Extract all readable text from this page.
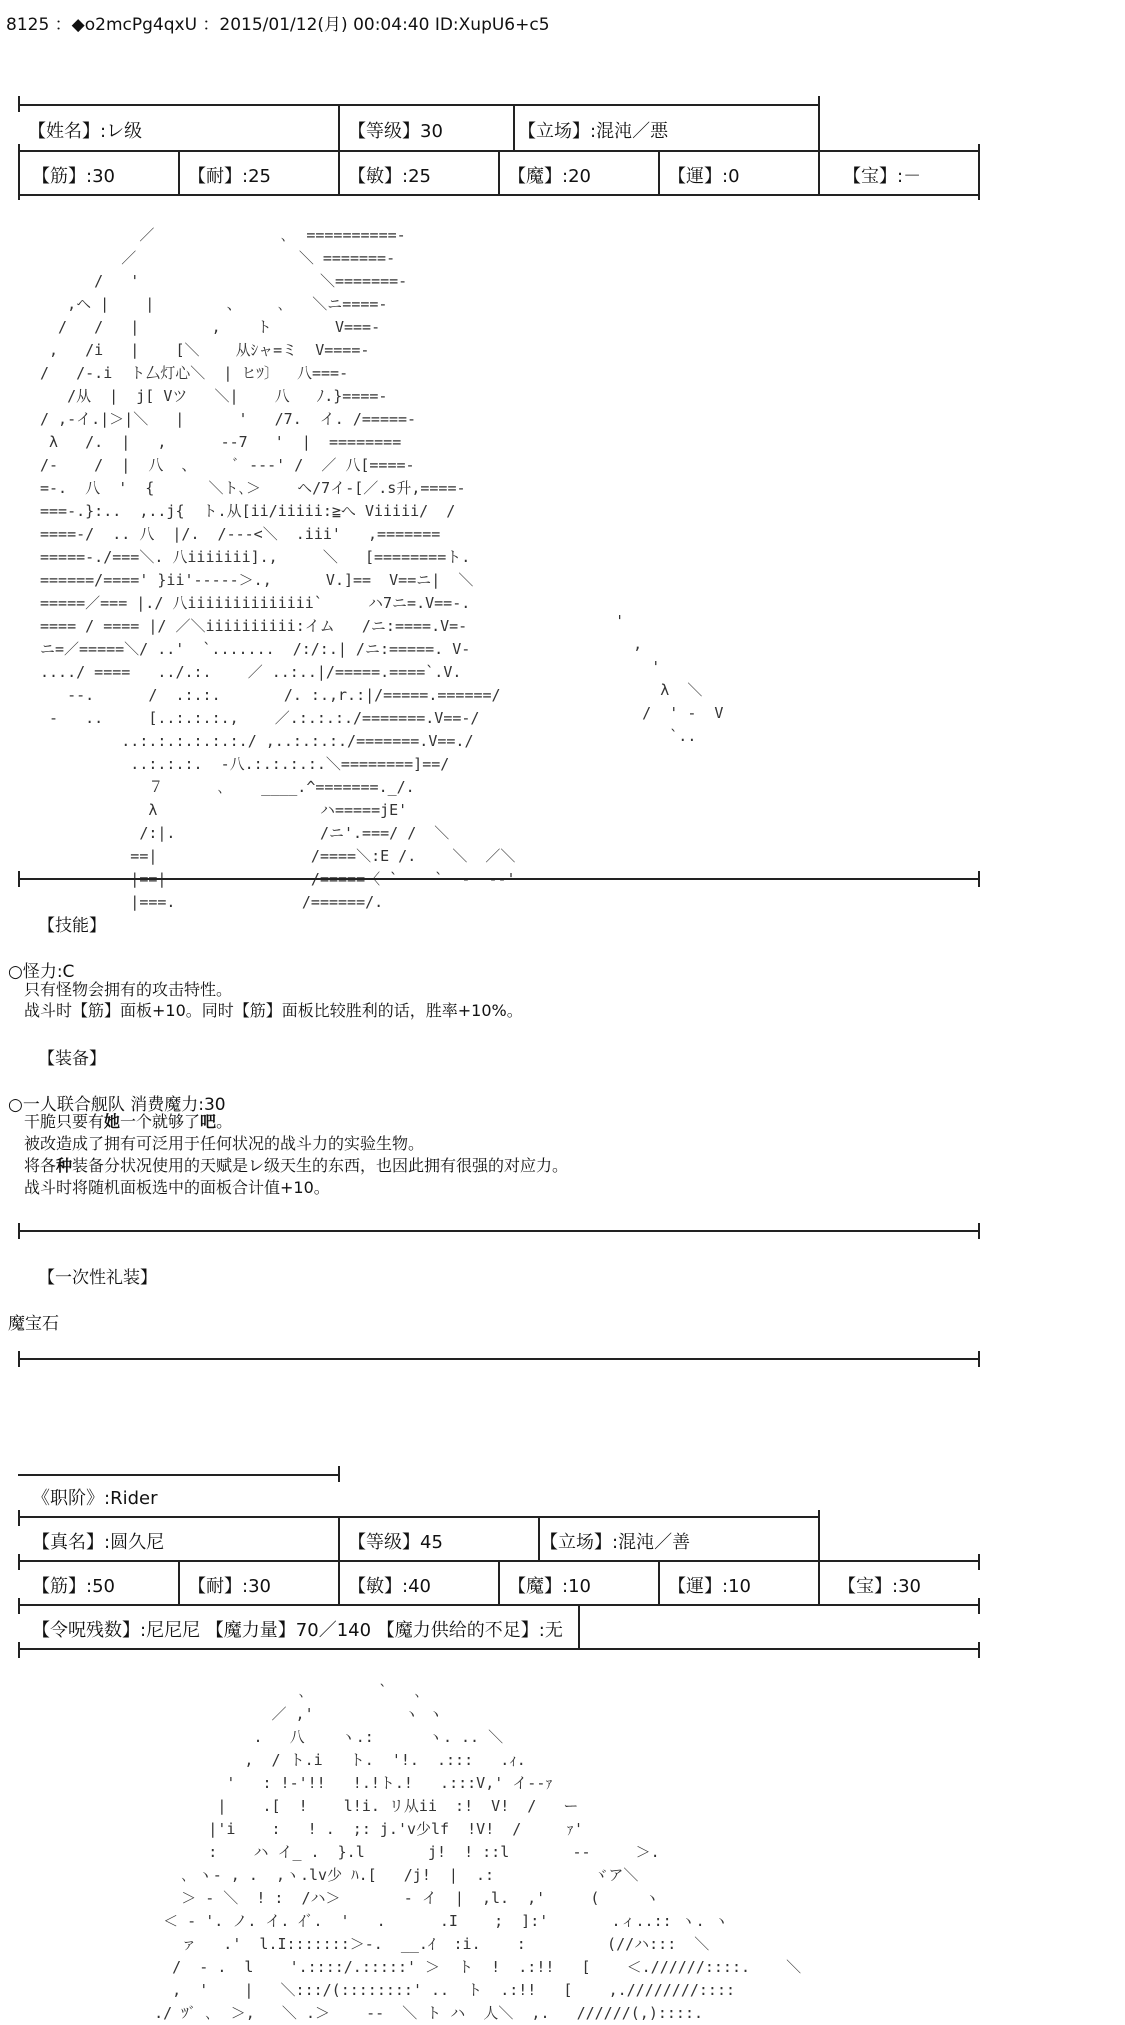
8125 ：◆o2mcPg4qxU ：2015/01/12(月) 00:04:40 ID:XupU6+c5
【姓名】:レ级	【等级】30	【立场】:混沌／悪
【筋】:30	【耐】:25	【敏】:25	【魔】:20	【運】:0	【宝】:－
／              ､  ==========-
／                  ＼ =======-
/   '                    ＼=======-
,ヘ |    |        、    ､   ＼ニ====-
/   /   |        ,    ト       V===-
,   /i   |    [＼    从ｼャ=ミ  V====-
/   /-.i  ト厶灯心＼  | ヒﾂ〕  八===-
/从  |  j[ Vツ   ＼|    八   ﾉ.}====-
/ ,-イ.|＞|＼   |      '   /7.  イ. /=====-
λ   /.  |   ,      --7   '  |  ========
/-    /  |  八  、    ﾞ ---' /  ／ 八[====-
=-.  八  '  {      ＼ト､＞    ヘ/7イ-[／.s升,====-
===-.}:..  ,..j{  ト.从[ii/iiiii:≧へ Viiiii/  /
====-/  .. 八  |/.  /---<＼  .iii'   ,=======
=====-./===＼. 八iiiiiii].,     ＼   [========ト.
======/====' }ii'-----＞.,      V.]==  V==ニ|  ＼
=====／=== |./ 八iiiiiiiiiiiiii`     ハ7ニ=.V==-.
==== / ==== |/ ／＼iiiiiiiiii:イム   /ニ:====.V=-
ニ=／=====＼/ ..'  `.......  /:/:.| /ニ:=====. V-
..../ ====   ../.:.    ／ ..:..|/=====.====`.V.
--.      /  .:.:.       /. :.,r.:|/=====.======/
-   ..     [..:.:.:.,    ／.:.:.:./=======.V==-/
..:.:.:.:.:.:./ ,..:.:.:./=======.V==./
..:.:.:.  -八.:.:.:.:.＼========]==/
７      ､    ____.^=======._/.
λ                  ハ=====jE'
/:|.                /ニ'.===/ /  ＼
==|                 /====＼:E /.    ＼  ／＼
|==|                /=====〈 `    `  -  --'
|===.              /======/.
'
,
'
λ  ＼
/  ' -  V
`..
【技能】
○怪力:C
只有怪物会拥有的攻击特性。
战斗时【筋】面板+10。同时【筋】面板比较胜利的话，胜率+10%。
【装备】
○一人联合舰队 消费魔力:30
干脆只要有她一个就够了吧。
被改造成了拥有可泛用于任何状况的战斗力的实验生物。
将各种装备分状况使用的天赋是レ级天生的东西，也因此拥有很强的对应力。
战斗时将随机面板选中的面板合计值+10。
【一次性礼装】
魔宝石
《职阶》:Rider
【真名】:圆久尼	【等级】45	【立场】:混沌／善
【筋】:50	【耐】:30	【敏】:40	【魔】:10	【運】:10	【宝】:30
【令呪残数】:尼尼尼 【魔力量】70／140 【魔力供给的不足】:无
､        `   ､
／ ,'          ヽ ヽ
.   八    ヽ.:      ヽ. .. ＼
,  / ト.i   ト.  '!.  .:::   .ｨ.
'   : !-'!!   !.!ト.!   .:::V,' イ--ｧ
|    .[  !    l!i. リ从ii  :!  V!  /   ー
|'i    :   ! .  ;: j.'v少lf  !V!  /     ｧ'
:    ハ イ_ .  }.l       j!  ! ::l       --     ＞.
､ ヽ- , .  ,ヽ.lv少 ﾊ.[   /j!  |  .:           ヾア＼
＞ - ＼  ! :  /ハ＞       - イ  |  ,l.  ,'     (     ヽ
＜ - '. ノ. イ. ｲﾞ.  '   .      .I    ;  ]:'       .ィ..:: ヽ. ヽ
ァ   .'  l.I:::::::＞-.  __.ｲ  :i.    :         (//ハ:::  ＼
/  - .  l    '.::::/.:::::' ＞  ト  !  .:!!   [    ＜.//////::::.    ＼
,  '    |   ＼:::/(::::::::' ..  ト  .:!!   [    ,.////////::::
./ ﾂﾞ ､  ＞,   ＼ .＞    --  ＼ ト ハ  人＼  ,.   //////(,)::::.
